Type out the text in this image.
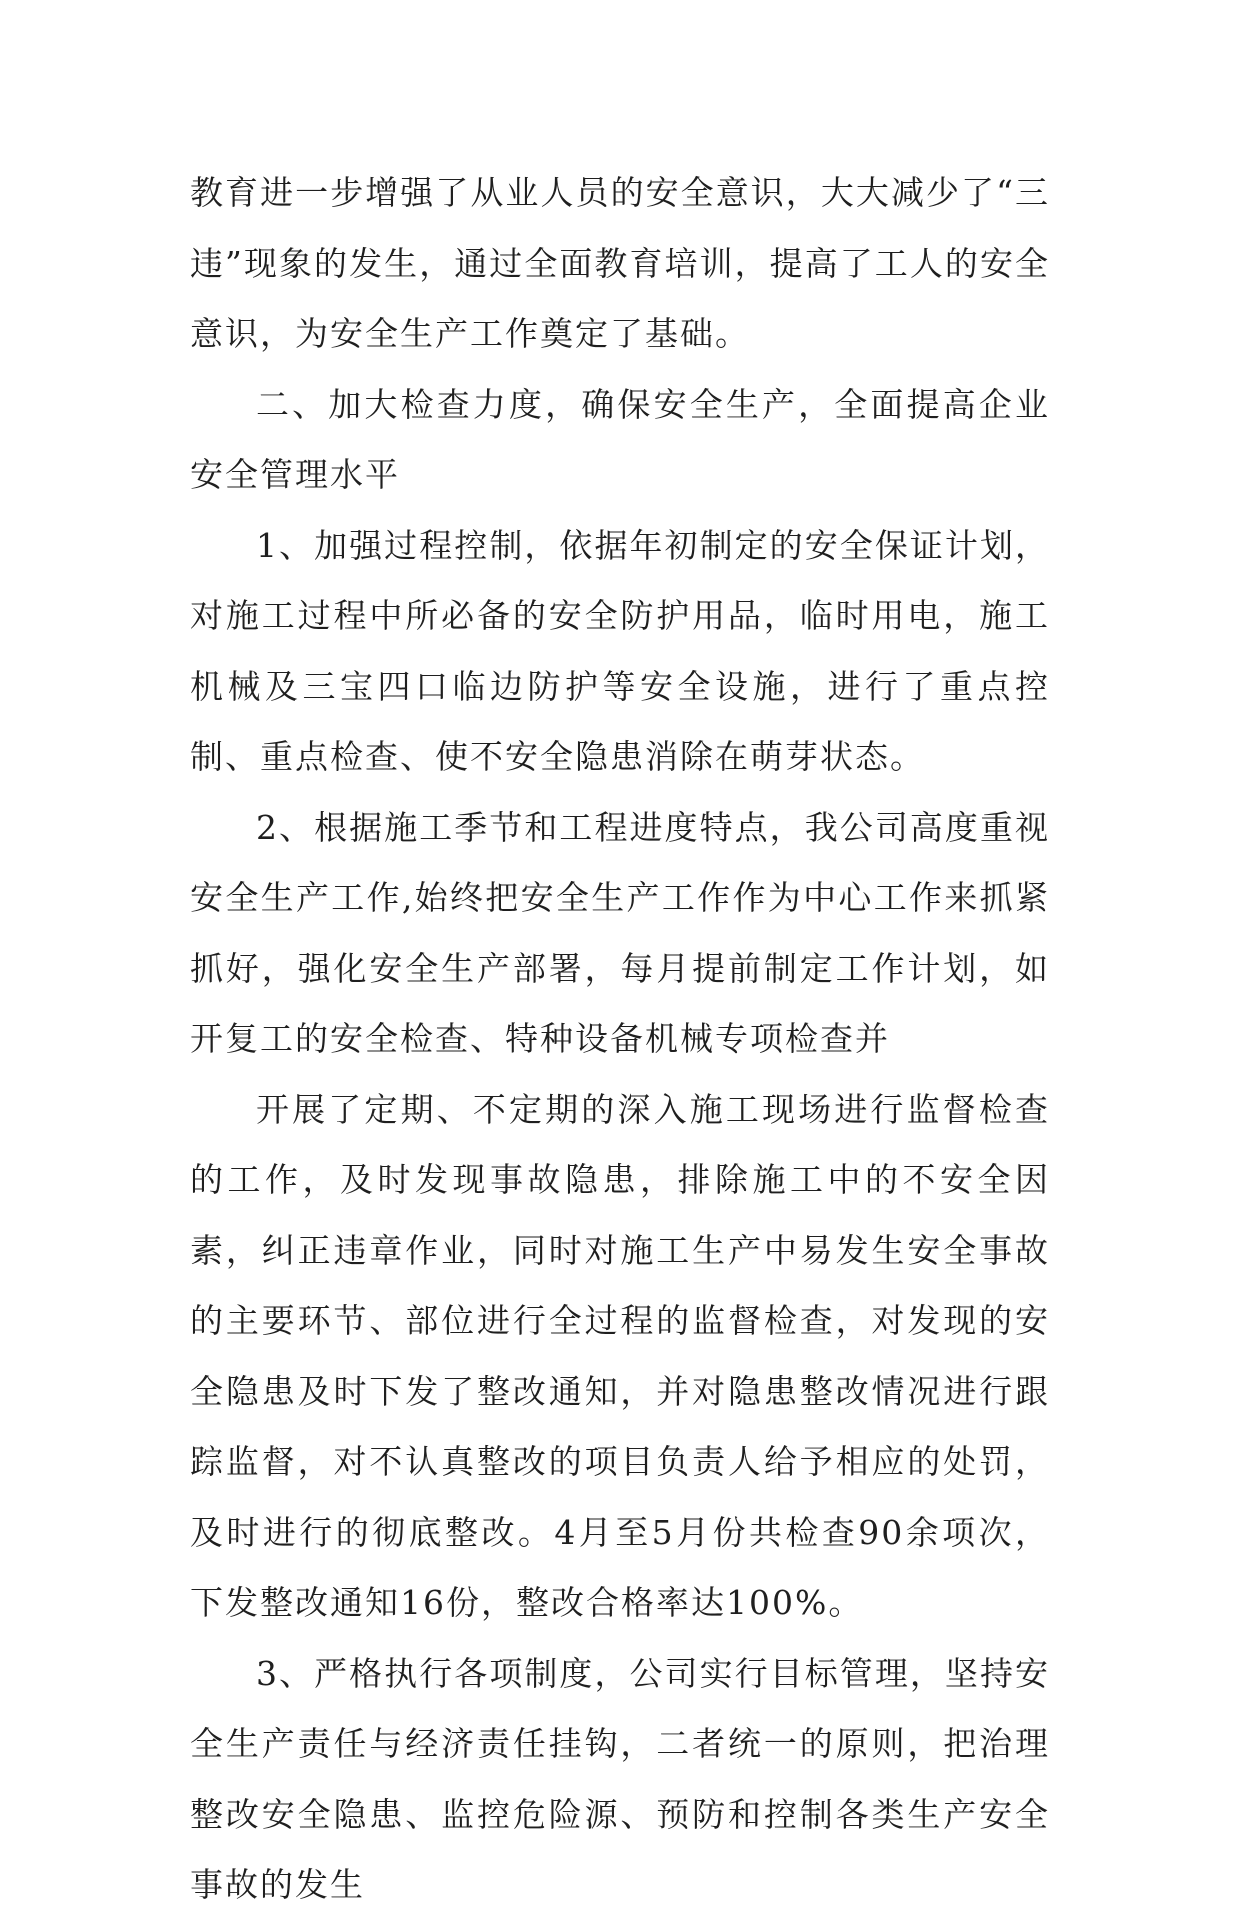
教育进一步增强了从业人员的安全意识，大大减少了“三违”现象的发生，通过全面教育培训，提高了工人的安全意识，为安全生产工作奠定了基础。

二、加大检查力度，确保安全生产，全面提高企业安全管理水平

1、加强过程控制，依据年初制定的安全保证计划，对施工过程中所必备的安全防护用品，临时用电，施工机械及三宝四口临边防护等安全设施，进行了重点控制、重点检查、使不安全隐患消除在萌芽状态。

2、根据施工季节和工程进度特点，我公司高度重视安全生产工作,始终把安全生产工作作为中心工作来抓紧抓好，强化安全生产部署，每月提前制定工作计划，如开复工的安全检查、特种设备机械专项检查并

开展了定期、不定期的深入施工现场进行监督检查的工作，及时发现事故隐患，排除施工中的不安全因素，纠正违章作业，同时对施工生产中易发生安全事故的主要环节、部位进行全过程的监督检查，对发现的安全隐患及时下发了整改通知，并对隐患整改情况进行跟踪监督，对不认真整改的项目负责人给予相应的处罚，及时进行的彻底整改。4月至5月份共检查90余项次，下发整改通知16份，整改合格率达100%。

3、严格执行各项制度，公司实行目标管理，坚持安全生产责任与经济责任挂钩，二者统一的原则，把治理整改安全隐患、监控危险源、预防和控制各类生产安全事故的发生
